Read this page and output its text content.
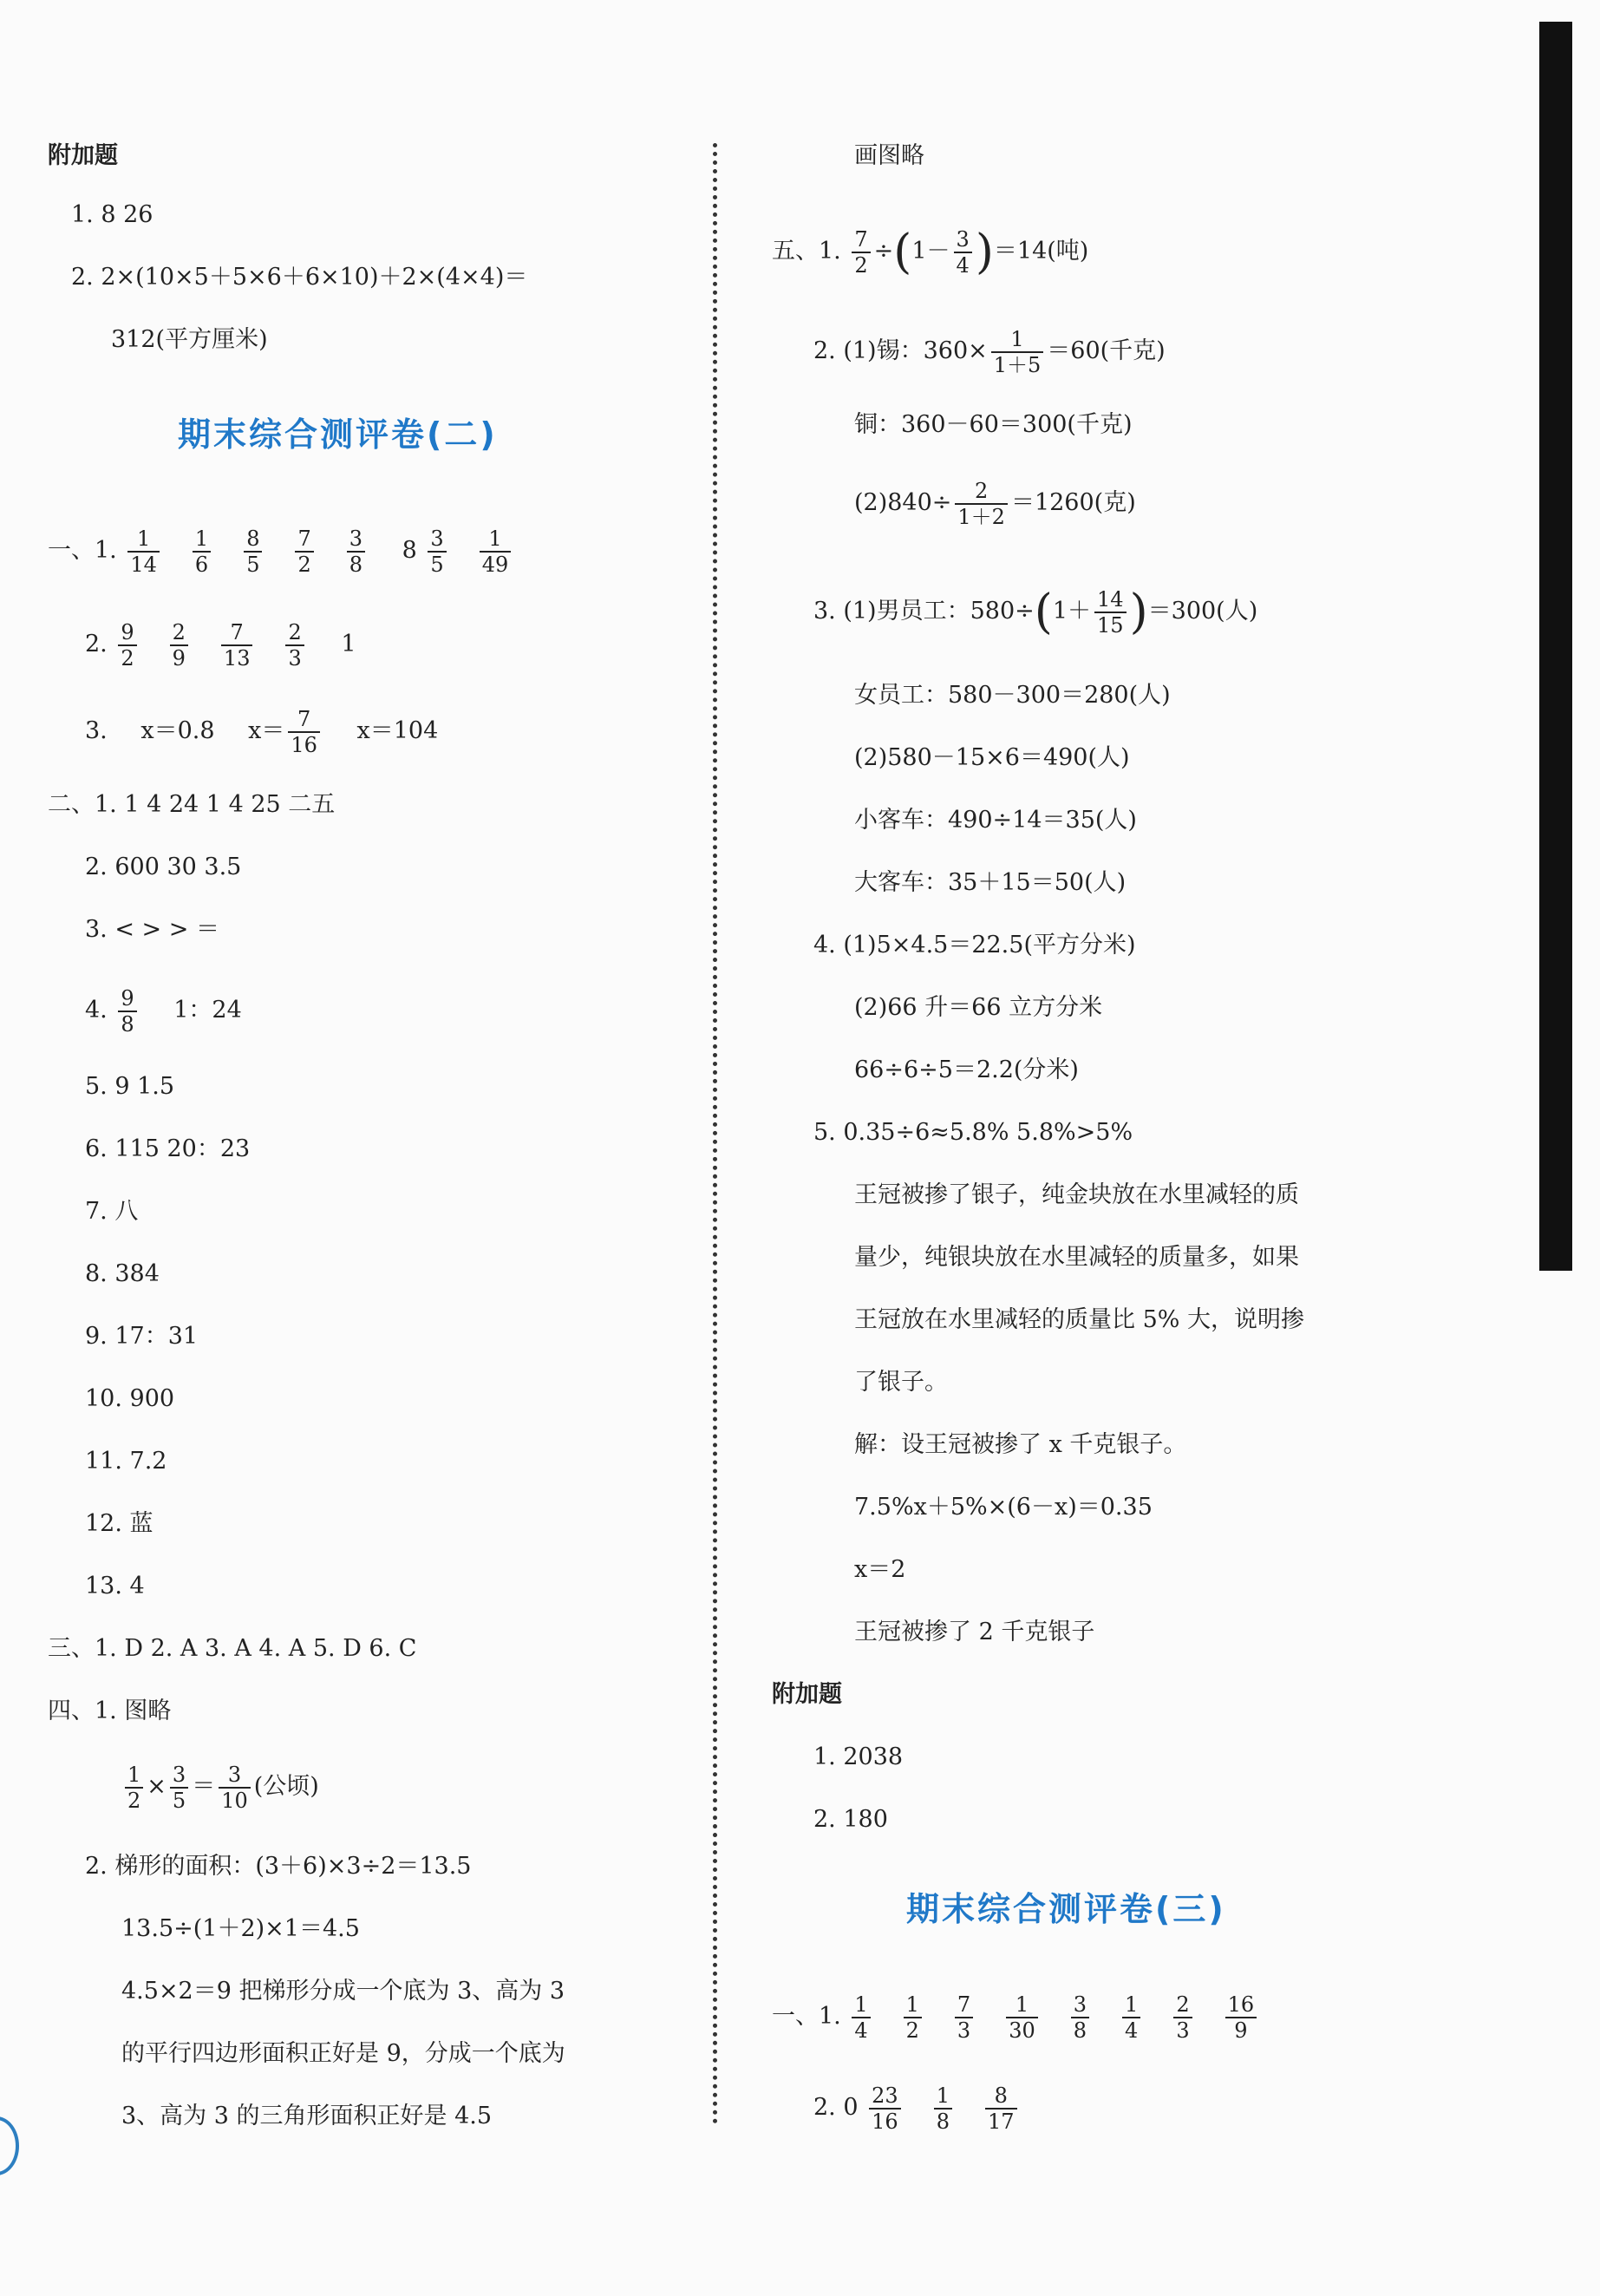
附加题
1. 8 26
2. 2×(10×5＋5×6＋6×10)＋2×(4×4)＝
312(平方厘米)
期末综合测评卷(二)
一、1. $\frac{1}{14} \frac{1}{6} \frac{8}{5} \frac{7}{2} \frac{3}{8} 8 \frac{3}{5} \frac{1}{49}$
2. $\frac{9}{2} \frac{2}{9} \frac{7}{13} \frac{2}{3} 1$
3. x＝0.8 $x= \frac{7}{16} x=104$
二、1. 1 4 24 1 4 25 二五
2. 600 30 3.5
3. < > > ＝
4. $\frac{9}{8} 1$：24
5. 9 1.5
6. 115 20：23
7. 八
8. 384
9. 17：31
10. 900
11. 7.2
12. 蓝
13. 4
三、1. D 2. A 3. A 4. A 5. D 6. C
四、1. 图略
$\frac{1}{2} \times \frac{3}{5} = \frac{3}{10}$ (公顷)
2. 梯形的面积：(3＋6)×3÷2＝13.5
13.5÷(1＋2)×1＝4.5
4.5×2＝9 把梯形分成一个底为 3、高为 3
的平行四边形面积正好是 9，分成一个底为
3、高为 3 的三角形面积正好是 4.5
画图略
五、1. $\frac{7}{2} \div(1- \frac{3}{4} )=14$(吨)
2. (1)锡：$360\times \frac{1}{1+5} =60$(千克)
铜：360－60＝300(千克)
$(2)840\div \frac{2}{1+2} =1260$(克)
3. (1)男员工：$580\div(1+ \frac{14}{15} )=300$(人)
女员工：580－300＝280(人)
(2)580－15×6＝490(人)
小客车：490÷14＝35(人)
大客车：35＋15＝50(人)
4. (1)5×4.5＝22.5(平方分米)
(2)66 升＝66 立方分米
66÷6÷5＝2.2(分米)
5. 0.35÷6≈5.8% 5.8%>5%
王冠被掺了银子，纯金块放在水里减轻的质
量少，纯银块放在水里减轻的质量多，如果
王冠放在水里减轻的质量比 5% 大，说明掺
了银子。
解：设王冠被掺了 x 千克银子。
7.5%x＋5%×(6－x)＝0.35
x＝2
王冠被掺了 2 千克银子
附加题
1. 2038
2. 180
期末综合测评卷(三)
一、1. $\frac{1}{4} \frac{1}{2} \frac{7}{3} \frac{1}{30} \frac{3}{8} \frac{1}{4} \frac{2}{3} \frac{16}{9}$
2. $0 \frac{23}{16} \frac{1}{8} \frac{8}{17}$
